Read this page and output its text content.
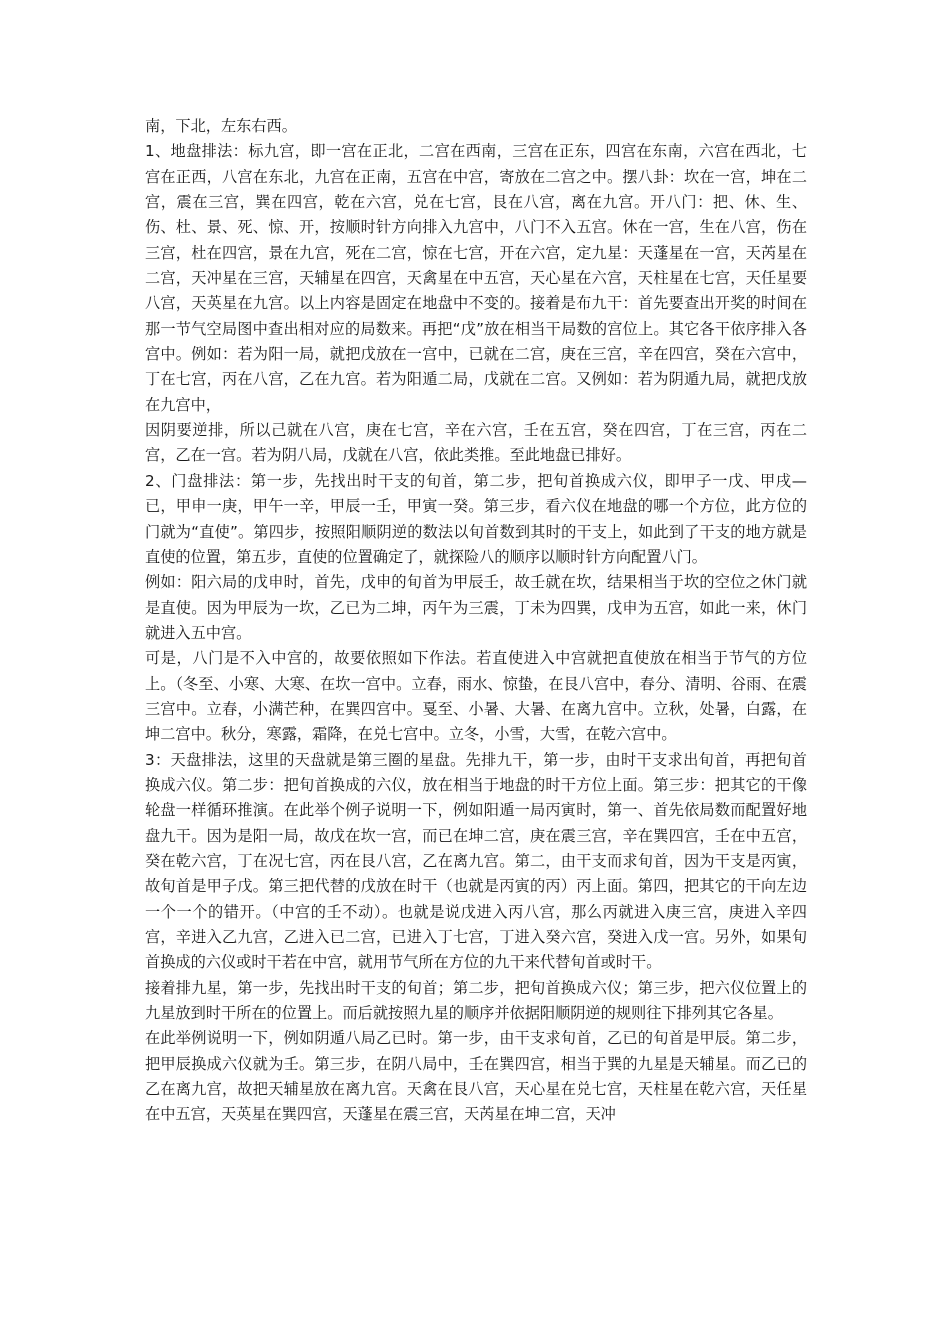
南，下北，左东右西。

1、地盘排法：标九宫，即一宫在正北，二宫在西南，三宫在正东，四宫在东南，六宫在西北，七宫在正西，八宫在东北，九宫在正南，五宫在中宫，寄放在二宫之中。摆八卦：坎在一宫，坤在二宫，震在三宫，巽在四宫，乾在六宫，兑在七宫，艮在八宫，离在九宫。开八门：把、休、生、伤、杜、景、死、惊、开，按顺时针方向排入九宫中，八门不入五宫。休在一宫，生在八宫，伤在三宫，杜在四宫，景在九宫，死在二宫，惊在七宫，开在六宫，定九星：天蓬星在一宫，天芮星在二宫，天冲星在三宫，天辅星在四宫，天禽星在中五宫，天心星在六宫，天柱星在七宫，天任星要八宫，天英星在九宫。以上内容是固定在地盘中不变的。接着是布九干：首先要查出开奖的时间在那一节气空局图中查出相对应的局数来。再把“戊”放在相当干局数的宫位上。其它各干依序排入各宫中。例如：若为阳一局，就把戊放在一宫中，已就在二宫，庚在三宫，辛在四宫，癸在六宫中，丁在七宫，丙在八宫，乙在九宫。若为阳遁二局，戊就在二宫。又例如：若为阴遁九局，就把戊放在九宫中，

因阴要逆排，所以己就在八宫，庚在七宫，辛在六宫，壬在五宫，癸在四宫，丁在三宫，丙在二宫，乙在一宫。若为阴八局，戊就在八宫，依此类推。至此地盘已排好。

2、门盘排法：第一步，先找出时干支的旬首，第二步，把旬首换成六仪，即甲子一戊、甲戌—已，甲申一庚，甲午一辛，甲辰一壬，甲寅一癸。第三步，看六仪在地盘的哪一个方位，此方位的门就为“直使”。第四步，按照阳顺阴逆的数法以旬首数到其时的干支上，如此到了干支的地方就是直使的位置，第五步，直使的位置确定了，就探险八的顺序以顺时针方向配置八门。

例如：阳六局的戊申时，首先，戊申的旬首为甲辰壬，故壬就在坎，结果相当于坎的空位之休门就是直使。因为甲辰为一坎，乙已为二坤，丙午为三震，丁未为四巽，戊申为五宫，如此一来，休门就进入五中宫。

可是，八门是不入中宫的，故要依照如下作法。若直使进入中宫就把直使放在相当于节气的方位上。（冬至、小寒、大寒、在坎一宫中。立春，雨水、惊蛰，在艮八宫中，春分、清明、谷雨、在震三宫中。立春，小满芒种，在巽四宫中。戛至、小暑、大暑、在离九宫中。立秋，处暑，白露，在坤二宫中。秋分，寒露，霜降，在兑七宫中。立冬，小雪，大雪，在乾六宫中。

3：天盘排法，这里的天盘就是第三圈的星盘。先排九干，第一步，由时干支求出旬首，再把旬首换成六仪。第二步：把旬首换成的六仪，放在相当于地盘的时干方位上面。第三步：把其它的干像轮盘一样循环推演。在此举个例子说明一下，例如阳遁一局丙寅时，第一、首先依局数而配置好地盘九干。因为是阳一局，故戊在坎一宫，而已在坤二宫，庚在震三宫，辛在巽四宫，壬在中五宫，癸在乾六宫，丁在况七宫，丙在艮八宫，乙在离九宫。第二，由干支而求旬首，因为干支是丙寅，故旬首是甲子戊。第三把代替的戊放在时干（也就是丙寅的丙）丙上面。第四，把其它的干向左边一个一个的错开。（中宫的壬不动）。也就是说戊进入丙八宫，那么丙就进入庚三宫，庚进入辛四宫，辛进入乙九宫，乙进入已二宫，已进入丁七宫，丁进入癸六宫，癸进入戊一宫。另外，如果旬首换成的六仪或时干若在中宫，就用节气所在方位的九干来代替旬首或时干。

接着排九星，第一步，先找出时干支的旬首；第二步，把旬首换成六仪；第三步，把六仪位置上的九星放到时干所在的位置上。而后就按照九星的顺序并依据阳顺阴逆的规则往下排列其它各星。

在此举例说明一下，例如阴遁八局乙已时。第一步，由干支求旬首，乙已的旬首是甲辰。第二步，把甲辰换成六仪就为壬。第三步，在阴八局中，壬在巽四宫，相当于巽的九星是天辅星。而乙已的乙在离九宫，故把天辅星放在离九宫。天禽在艮八宫，天心星在兑七宫，天柱星在乾六宫，天任星在中五宫，天英星在巽四宫，天蓬星在震三宫，天芮星在坤二宫，天冲
